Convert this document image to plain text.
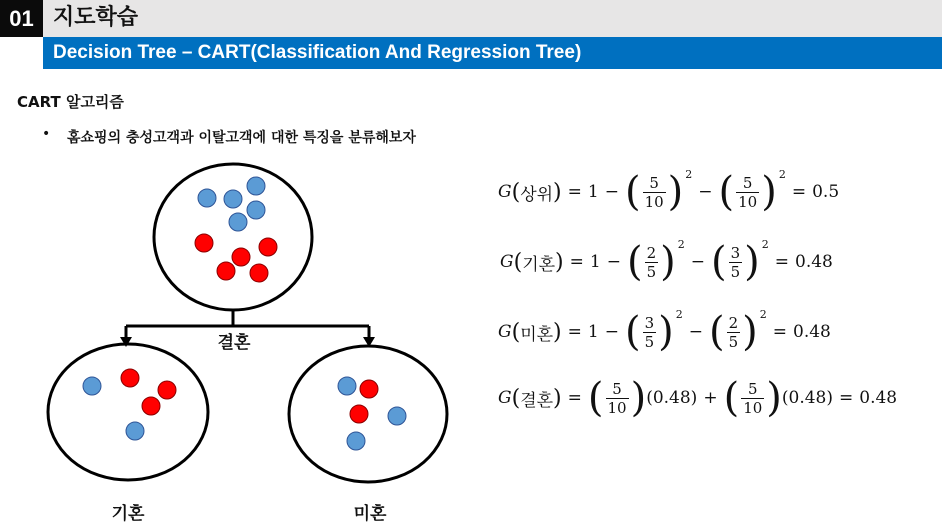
01 지도학습
Decision Tree – CART(Classification And Regression Tree)
CART 알고리즘
• 홈쇼핑의 충성고객과 이탈고객에 대한 특징을 분류해보자
결혼
기혼	미혼
G ( 상위 ) = 1 − ( $\frac{5}{10}$ ) 2
− ( $\frac{5}{10}$ ) 2
= 0.5
G ( 기혼 ) = 1 − ( $\frac{2}{5}$ ) 2
− ( $\frac{3}{5}$ ) 2
= 0.48
G ( 미혼 ) = 1 − ( $\frac{3}{5}$ ) 2
− ( $\frac{2}{5}$ ) 2
= 0.48
G ( 결혼 ) = ( $\frac{5}{10}$ ) (0.48) + ( $\frac{5}{10}$ ) (0.48) = 0.48
